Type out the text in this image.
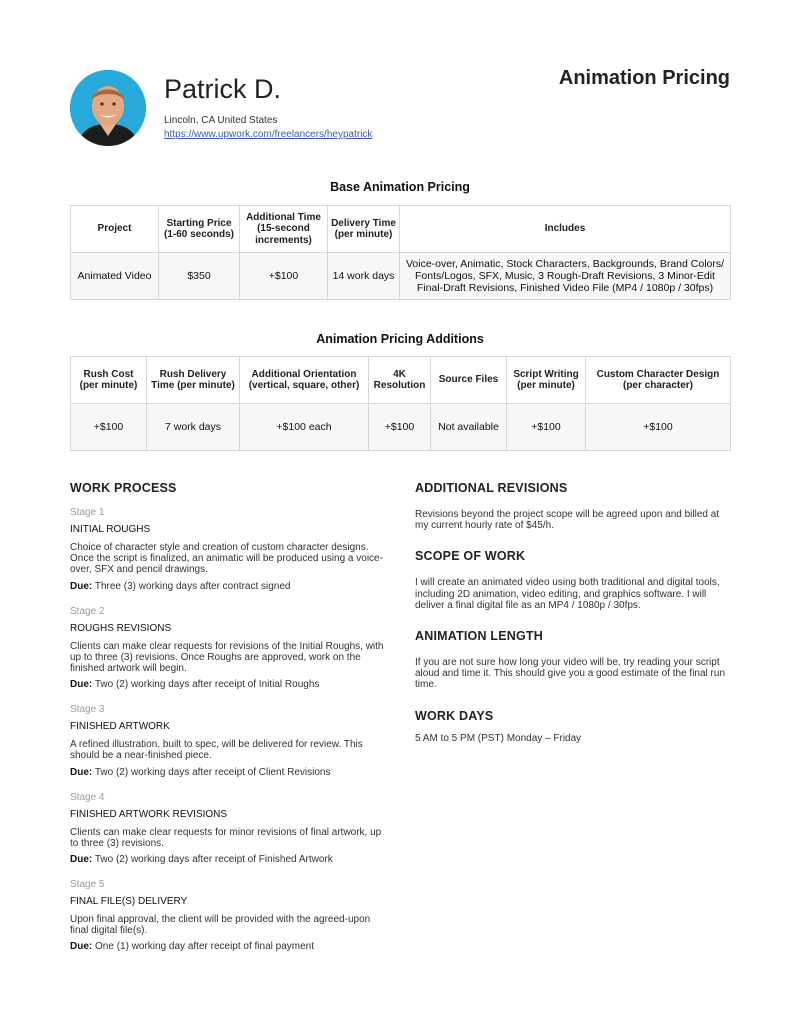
Patrick D.
Lincoln, CA United States
https://www.upwork.com/freelancers/heypatrick
Animation Pricing
Base Animation Pricing
Project	Starting Price (1-60 seconds)	Additional Time (15-second increments)	Delivery Time (per minute)	Includes
Animated Video	$350	+$100	14 work days	Voice-over, Animatic, Stock Characters, Backgrounds, Brand Colors/ Fonts/Logos, SFX, Music, 3 Rough-Draft Revisions, 3 Minor-Edit Final-Draft Revisions, Finished Video File (MP4 / 1080p / 30fps)
Animation Pricing Additions
Rush Cost (per minute)	Rush Delivery Time (per minute)	Additional Orientation (vertical, square, other)	4K Resolution	Source Files	Script Writing (per minute)	Custom Character Design (per character)
+$100	7 work days	+$100 each	+$100	Not available	+$100	+$100
WORK PROCESS
Stage 1
INITIAL ROUGHS
Choice of character style and creation of custom character designs. Once the script is finalized, an animatic will be produced using a voice-over, SFX and pencil drawings.
Due: Three (3) working days after contract signed
Stage 2
ROUGHS REVISIONS
Clients can make clear requests for revisions of the Initial Roughs, with up to three (3) revisions. Once Roughs are approved, work on the finished artwork will begin.
Due: Two (2) working days after receipt of Initial Roughs
Stage 3
FINISHED ARTWORK
A refined illustration, built to spec, will be delivered for review. This should be a near-finished piece.
Due: Two (2) working days after receipt of Client Revisions
Stage 4
FINISHED ARTWORK REVISIONS
Clients can make clear requests for minor revisions of final artwork, up to three (3) revisions.
Due: Two (2) working days after receipt of Finished Artwork
Stage 5
FINAL FILE(S) DELIVERY
Upon final approval, the client will be provided with the agreed-upon final digital file(s).
Due: One (1) working day after receipt of final payment
ADDITIONAL REVISIONS
Revisions beyond the project scope will be agreed upon and billed at my current hourly rate of $45/h.
SCOPE OF WORK
I will create an animated video using both traditional and digital tools, including 2D animation, video editing, and graphics software. I will deliver a final digital file as an MP4 / 1080p / 30fps.
ANIMATION LENGTH
If you are not sure how long your video will be, try reading your script aloud and time it. This should give you a good estimate of the final run time.
WORK DAYS
5 AM to 5 PM (PST) Monday – Friday
